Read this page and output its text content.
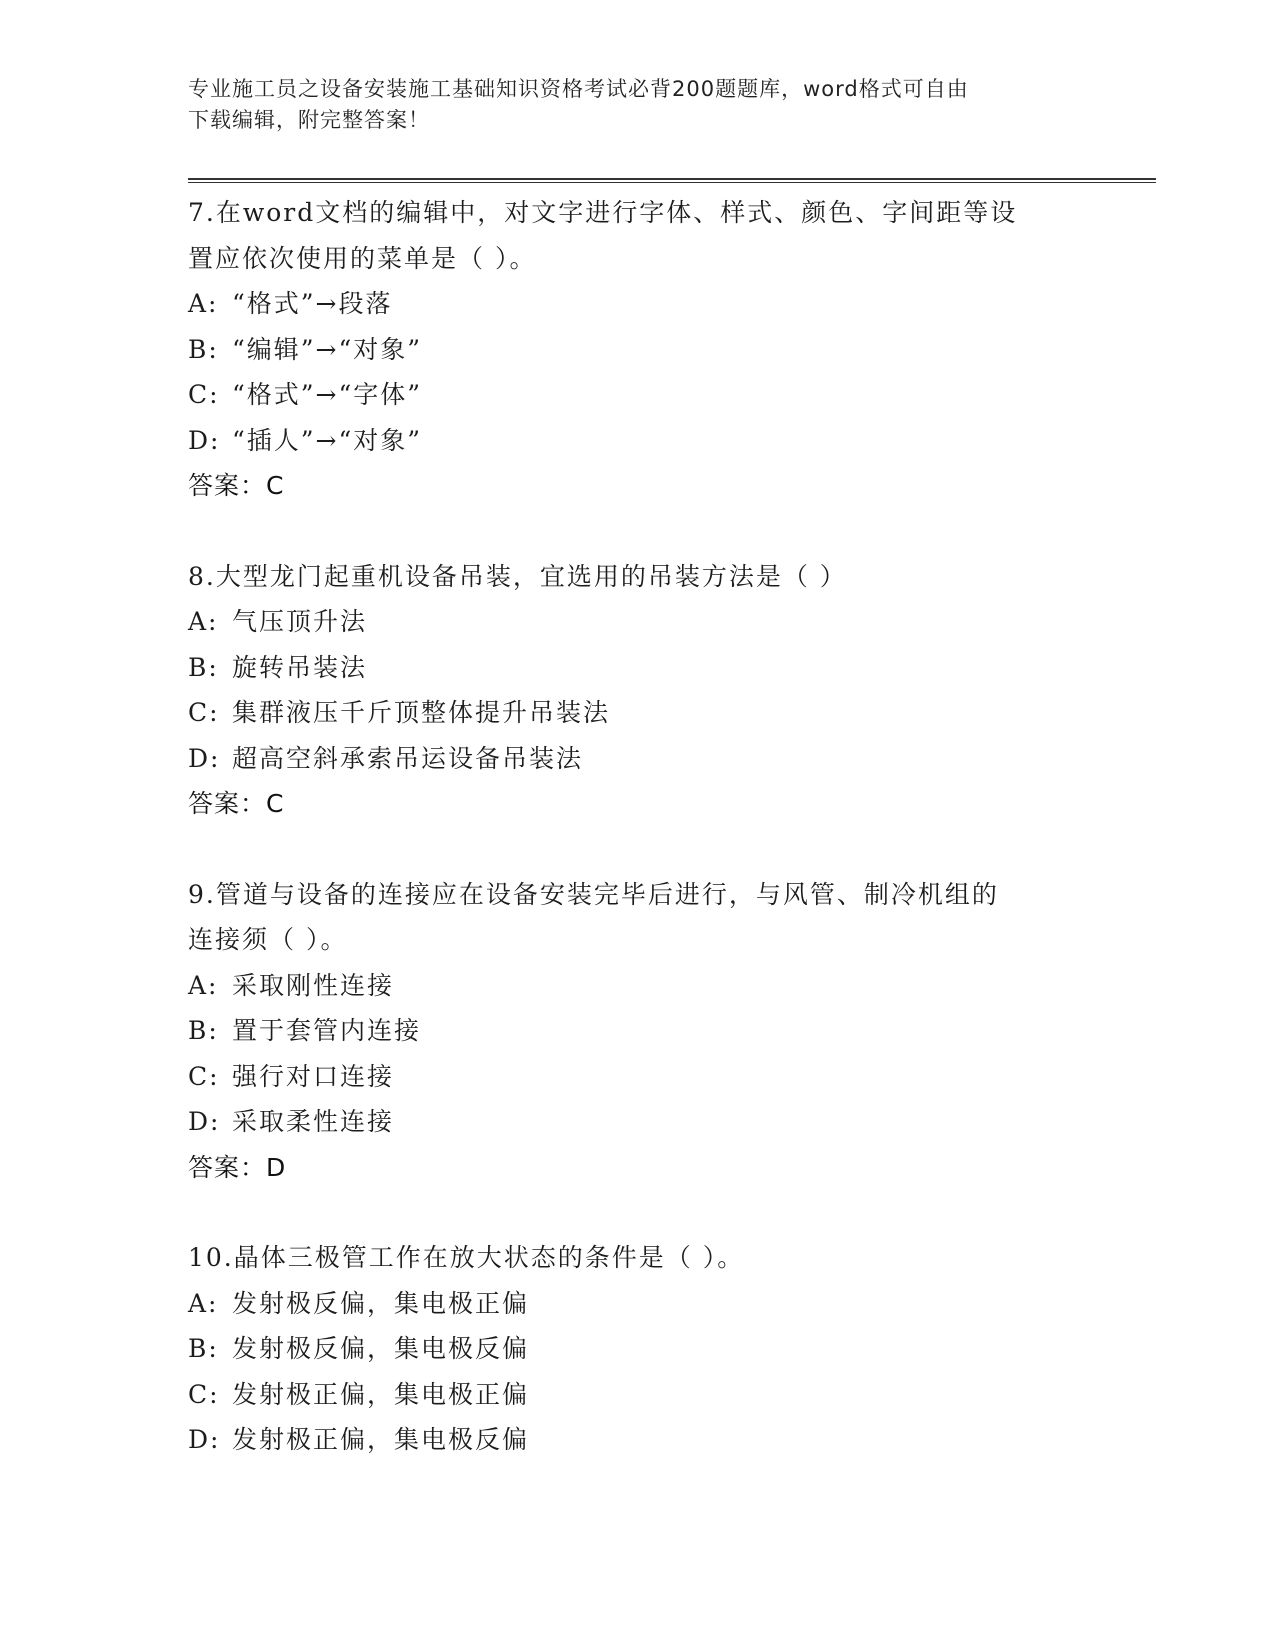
专业施工员之设备安装施工基础知识资格考试必背200题题库，word格式可自由
下载编辑，附完整答案！
7.在word文档的编辑中，对文字进行字体、样式、颜色、字间距等设
置应依次使用的菜单是（ ）。
A: “格式”→段落
B: “编辑”→“对象”
C: “格式”→“字体”
D: “插人”→“对象”
答案：C
8.大型龙门起重机设备吊装，宜选用的吊装方法是（ ）
A: 气压顶升法
B: 旋转吊装法
C: 集群液压千斤顶整体提升吊装法
D: 超高空斜承索吊运设备吊装法
答案：C
9.管道与设备的连接应在设备安装完毕后进行，与风管、制冷机组的
连接须（ ）。
A: 采取刚性连接
B: 置于套管内连接
C: 强行对口连接
D: 采取柔性连接
答案：D
10.晶体三极管工作在放大状态的条件是（ ）。
A: 发射极反偏，集电极正偏
B: 发射极反偏，集电极反偏
C: 发射极正偏，集电极正偏
D: 发射极正偏，集电极反偏
